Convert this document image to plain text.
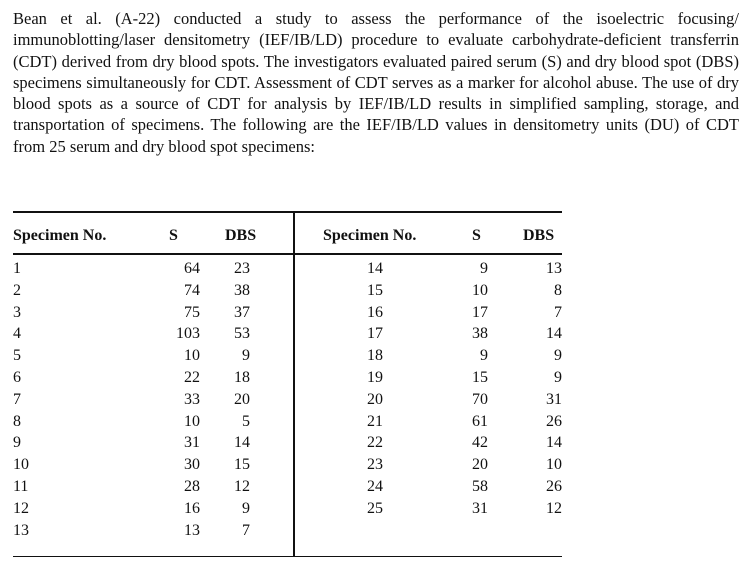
Bean et al. (A-22) conducted a study to assess the performance of the isoelectric focusing/ immunoblotting/laser densitometry (IEF/IB/LD) procedure to evaluate carbohydrate-deficient transferrin (CDT) derived from dry blood spots. The investigators evaluated paired serum (S) and dry blood spot (DBS) specimens simultaneously for CDT. Assessment of CDT serves as a marker for alcohol abuse. The use of dry blood spots as a source of CDT for analysis by IEF/IB/LD results in simplified sampling, storage, and transportation of specimens. The following are the IEF/IB/LD values in densitometry units (DU) of CDT from 25 serum and dry blood spot specimens:

Specimen No.	S	DBS
1	64 23
2	74 38
3	75 37
4	103 53
5	10	9
6	22 18
7	33 20
8	10	5
9	31 14
10	30 15
11	28 12
12	16	9
13	13	7
Specimen No.	S	DBS
14	9	13
15	10	8
16	17	7
17	38	14
18	9	9
19	15	9
20	70	31
21	61	26
22	42	14
23	20	10
24	58	26
25	31	12
